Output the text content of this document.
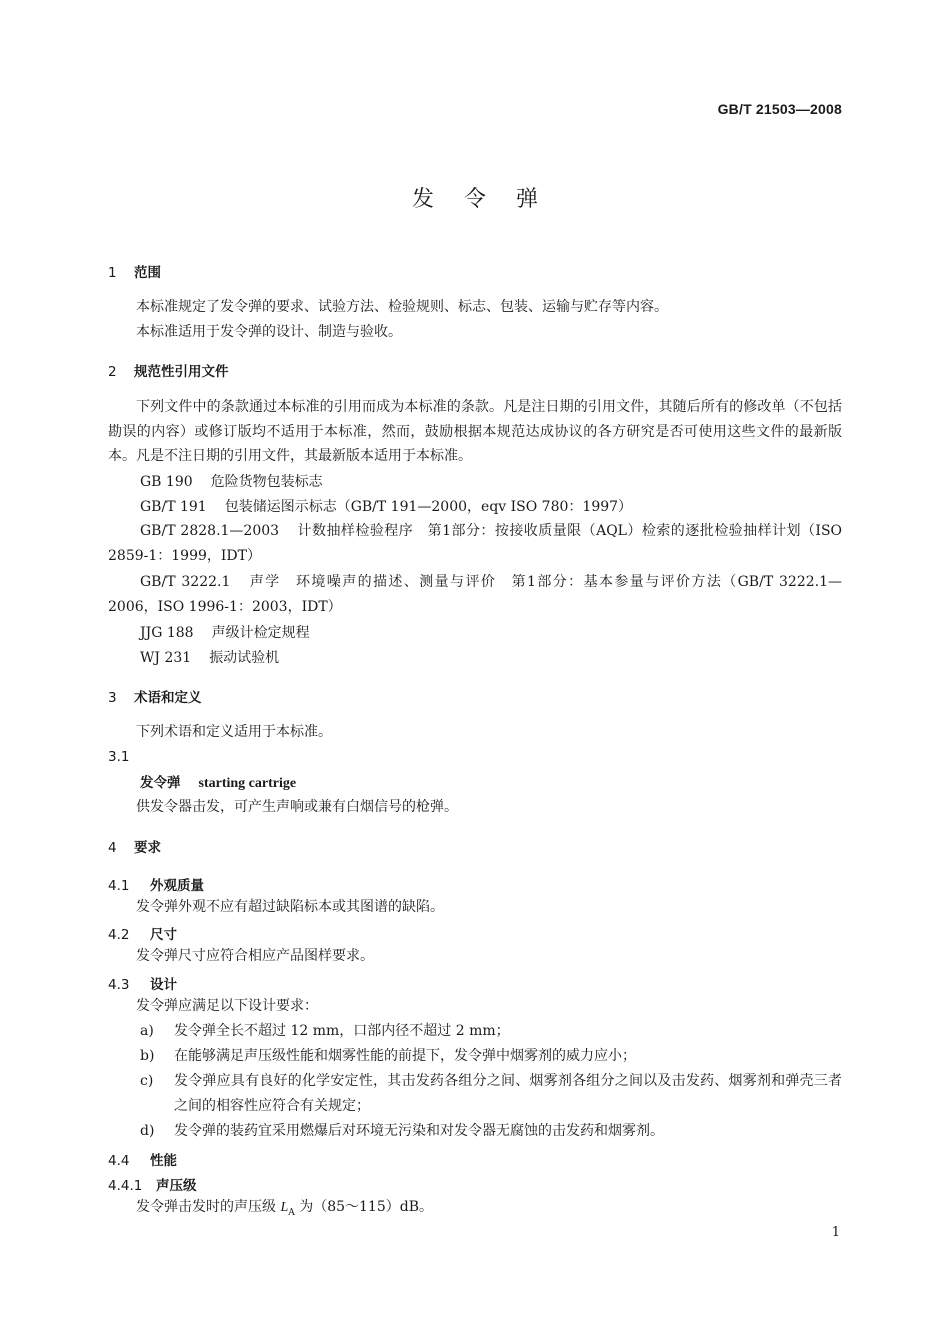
GB/T 21503—2008
发令弹
1 范围
本标准规定了发令弹的要求、试验方法、检验规则、标志、包装、运输与贮存等内容。
本标准适用于发令弹的设计、制造与验收。
2 规范性引用文件
下列文件中的条款通过本标准的引用而成为本标准的条款。凡是注日期的引用文件，其随后所有的修改单（不包括勘误的内容）或修订版均不适用于本标准，然而，鼓励根据本规范达成协议的各方研究是否可使用这些文件的最新版本。凡是不注日期的引用文件，其最新版本适用于本标准。
GB 190 危险货物包装标志
GB/T 191 包装储运图示标志（GB/T 191—2000，eqv ISO 780：1997）
GB/T 2828.1—2003 计数抽样检验程序　第1部分：按接收质量限（AQL）检索的逐批检验抽样计划（ISO 2859-1：1999，IDT）
GB/T 3222.1 声学　环境噪声的描述、测量与评价　第1部分：基本参量与评价方法（GB/T 3222.1—2006，ISO 1996-1：2003，IDT）
JJG 188 声级计检定规程
WJ 231 振动试验机
3 术语和定义
下列术语和定义适用于本标准。
3.1
发令弹 starting cartrige
供发令器击发，可产生声响或兼有白烟信号的枪弹。
4 要求
4.1 外观质量
发令弹外观不应有超过缺陷标本或其图谱的缺陷。
4.2 尺寸
发令弹尺寸应符合相应产品图样要求。
4.3 设计
发令弹应满足以下设计要求：
a)	发令弹全长不超过 12 mm，口部内径不超过 2 mm；
b)	在能够满足声压级性能和烟雾性能的前提下，发令弹中烟雾剂的威力应小；
c)	发令弹应具有良好的化学安定性，其击发药各组分之间、烟雾剂各组分之间以及击发药、烟雾剂和弹壳三者之间的相容性应符合有关规定；
d)	发令弹的装药宜采用燃爆后对环境无污染和对发令器无腐蚀的击发药和烟雾剂。
4.4 性能
4.4.1 声压级
发令弹击发时的声压级 $L_A$ 为（85～115）dB。
1
